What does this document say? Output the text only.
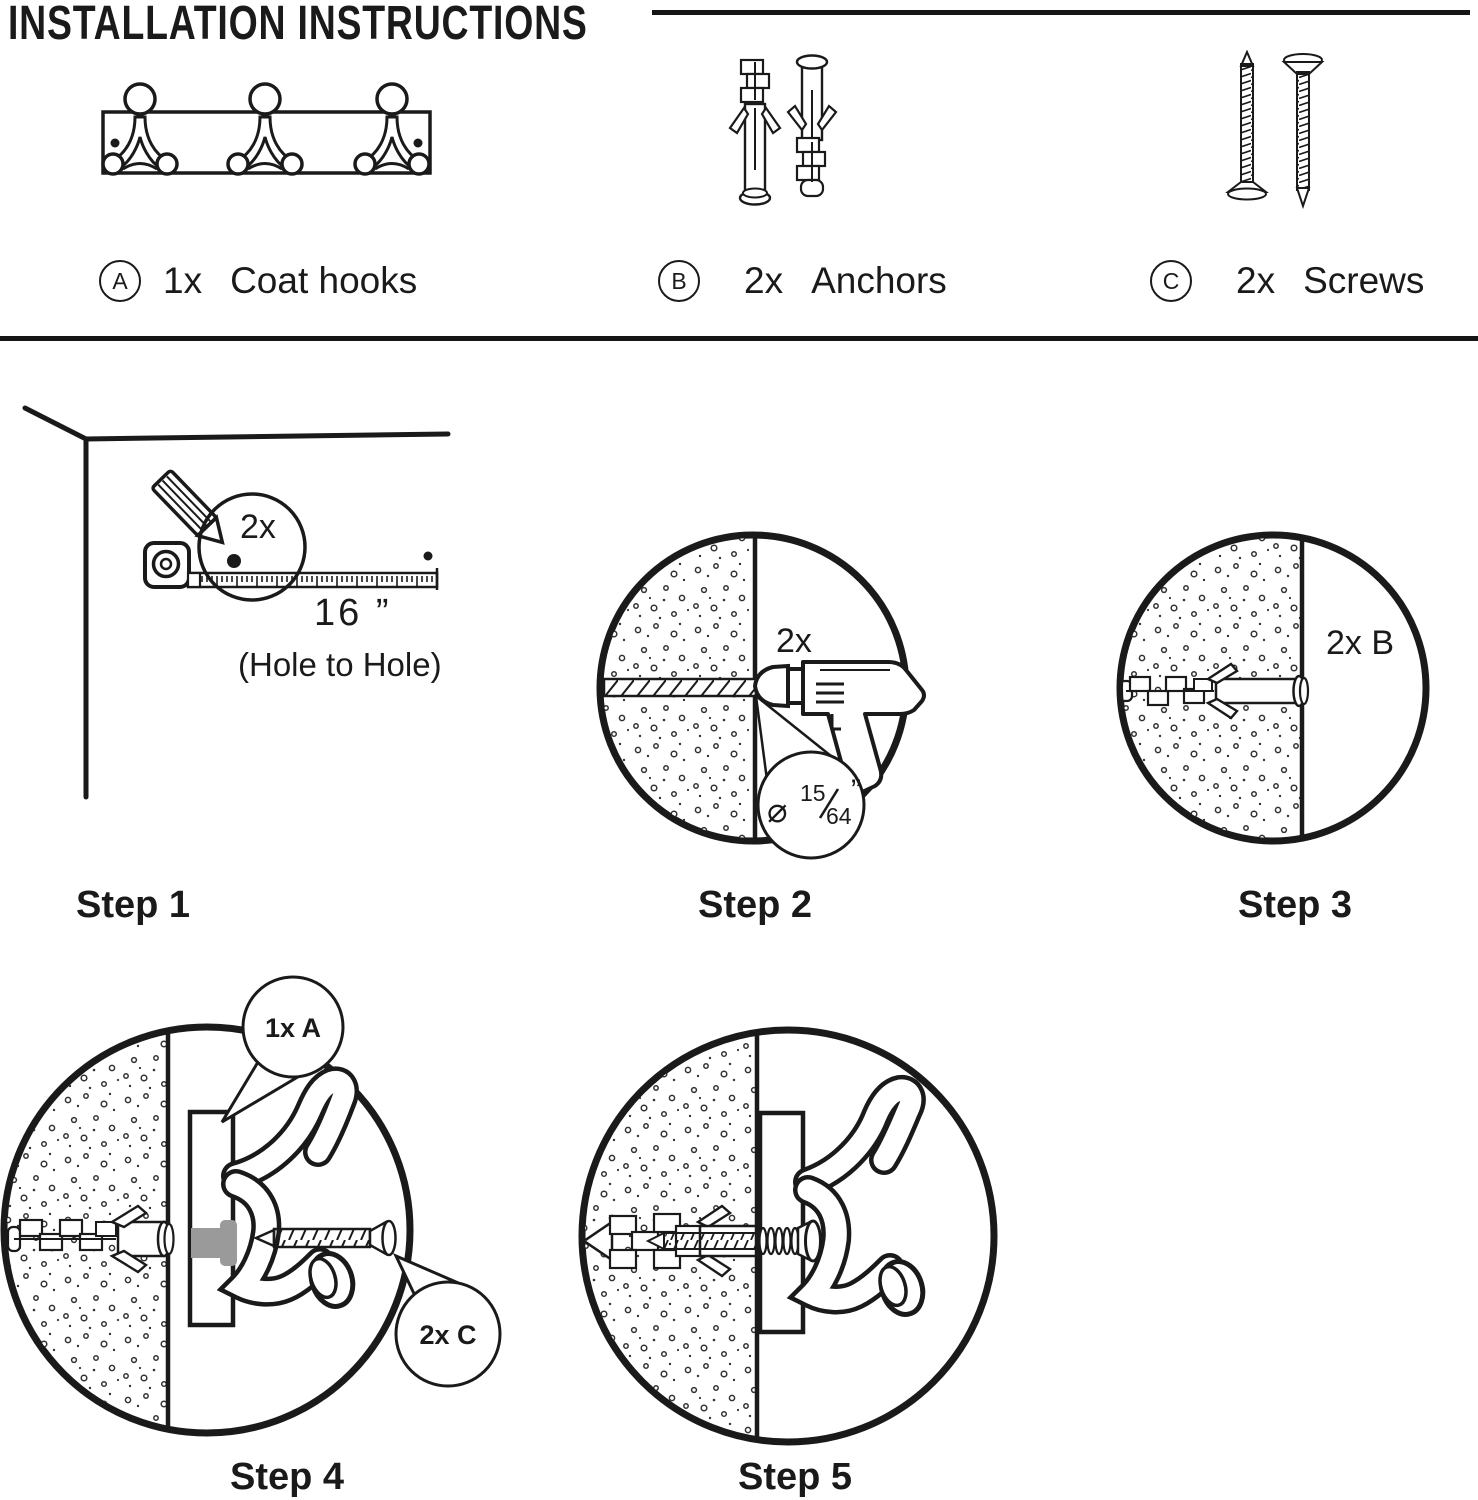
INSTALLATION INSTRUCTIONS
A 1x Coat hooks	B	2x Anchors	C	2x Screws
2x
16 ”
(Hole to Hole)
2x
⌀ 15
64
”
2x B
1x A
2x C
Step 1	Step 2	Step 3
Step 4	Step 5
